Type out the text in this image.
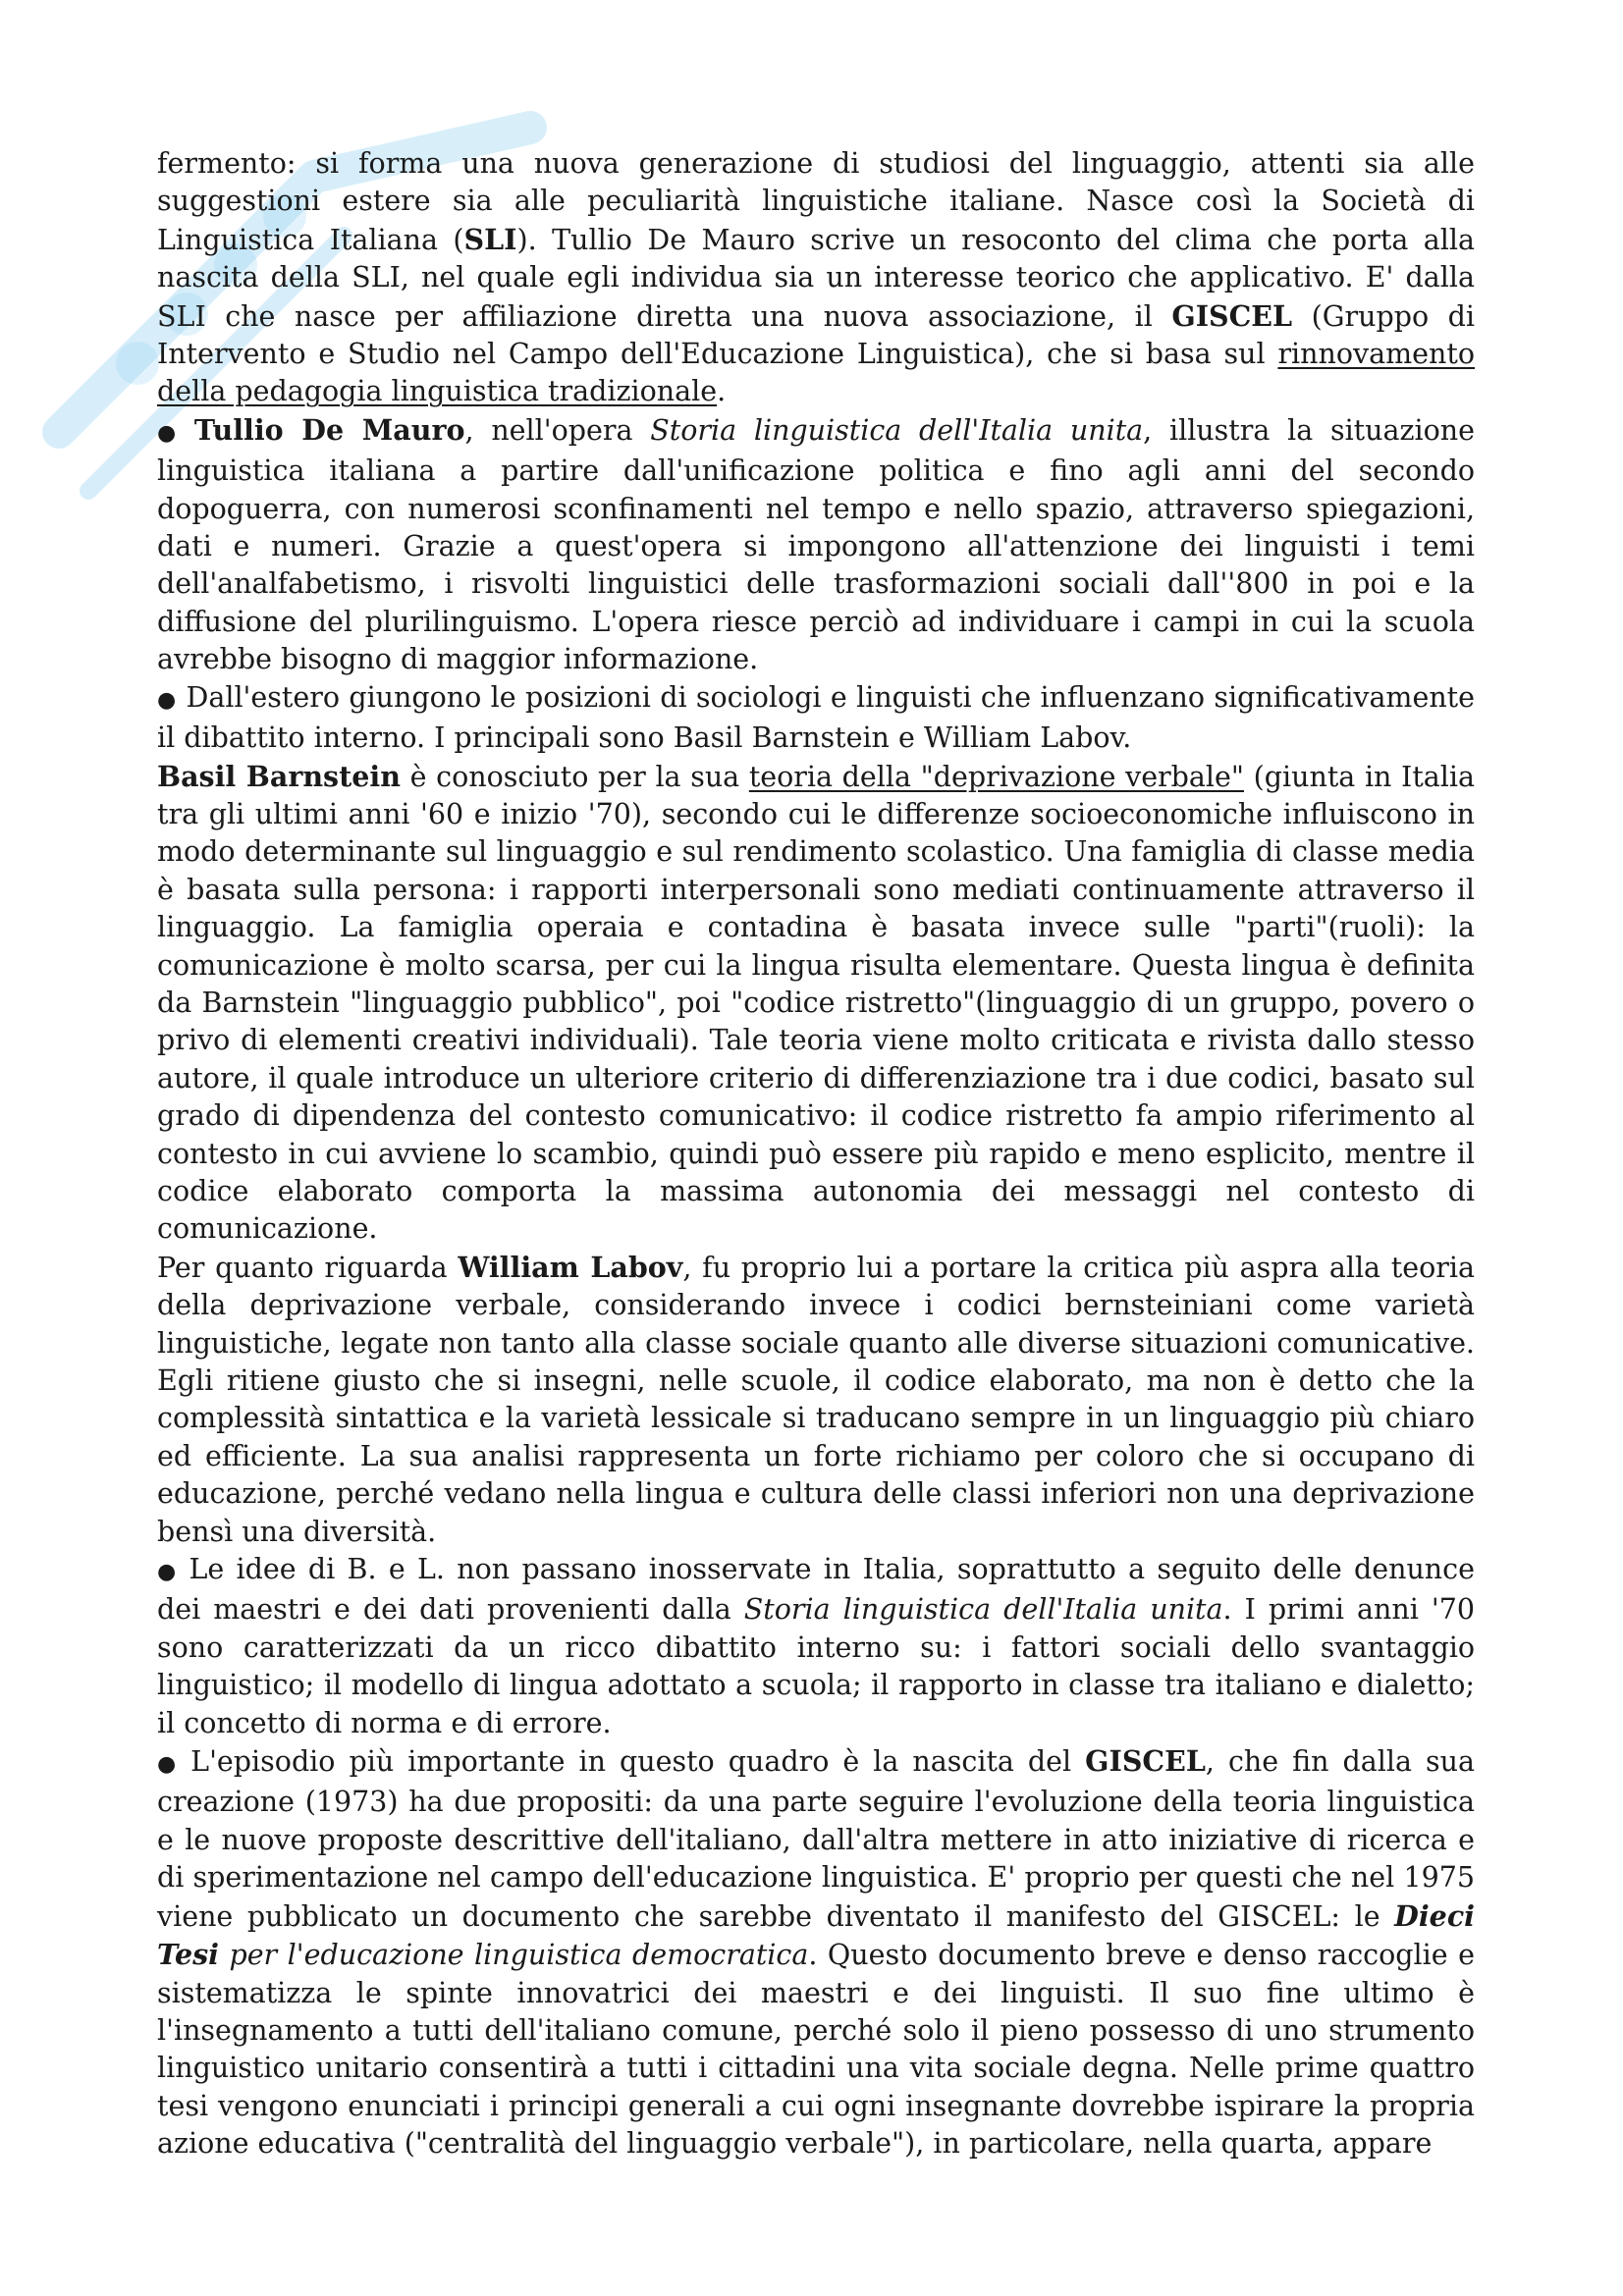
fermento: si forma una nuova generazione di studiosi del linguaggio, attenti sia alle suggestioni estere sia alle peculiarità linguistiche italiane. Nasce così la Società di Linguistica Italiana (SLI). Tullio De Mauro scrive un resoconto del clima che porta alla nascita della SLI, nel quale egli individua sia un interesse teorico che applicativo. E' dalla SLI che nasce per affiliazione diretta una nuova associazione, il GISCEL (Gruppo di Intervento e Studio nel Campo dell'Educazione Linguistica), che si basa sul rinnovamento della pedagogia linguistica tradizionale.

● Tullio De Mauro, nell'opera Storia linguistica dell'Italia unita, illustra la situazione linguistica italiana a partire dall'unificazione politica e fino agli anni del secondo dopoguerra, con numerosi sconfinamenti nel tempo e nello spazio, attraverso spiegazioni, dati e numeri. Grazie a quest'opera si impongono all'attenzione dei linguisti i temi dell'analfabetismo, i risvolti linguistici delle trasformazioni sociali dall''800 in poi e la diffusione del plurilinguismo. L'opera riesce perciò ad individuare i campi in cui la scuola avrebbe bisogno di maggior informazione.

● Dall'estero giungono le posizioni di sociologi e linguisti che influenzano significativamente il dibattito interno. I principali sono Basil Barnstein e William Labov.

Basil Barnstein è conosciuto per la sua teoria della "deprivazione verbale" (giunta in Italia tra gli ultimi anni '60 e inizio '70), secondo cui le differenze socioeconomiche influiscono in modo determinante sul linguaggio e sul rendimento scolastico. Una famiglia di classe media è basata sulla persona: i rapporti interpersonali sono mediati continuamente attraverso il linguaggio. La famiglia operaia e contadina è basata invece sulle "parti"(ruoli): la comunicazione è molto scarsa, per cui la lingua risulta elementare. Questa lingua è definita da Barnstein "linguaggio pubblico", poi "codice ristretto"(linguaggio di un gruppo, povero o privo di elementi creativi individuali). Tale teoria viene molto criticata e rivista dallo stesso autore, il quale introduce un ulteriore criterio di differenziazione tra i due codici, basato sul grado di dipendenza del contesto comunicativo: il codice ristretto fa ampio riferimento al contesto in cui avviene lo scambio, quindi può essere più rapido e meno esplicito, mentre il codice elaborato comporta la massima autonomia dei messaggi nel contesto di comunicazione.

Per quanto riguarda William Labov, fu proprio lui a portare la critica più aspra alla teoria della deprivazione verbale, considerando invece i codici bernsteiniani come varietà linguistiche, legate non tanto alla classe sociale quanto alle diverse situazioni comunicative. Egli ritiene giusto che si insegni, nelle scuole, il codice elaborato, ma non è detto che la complessità sintattica e la varietà lessicale si traducano sempre in un linguaggio più chiaro ed efficiente. La sua analisi rappresenta un forte richiamo per coloro che si occupano di educazione, perché vedano nella lingua e cultura delle classi inferiori non una deprivazione bensì una diversità.

● Le idee di B. e L. non passano inosservate in Italia, soprattutto a seguito delle denunce dei maestri e dei dati provenienti dalla Storia linguistica dell'Italia unita. I primi anni '70 sono caratterizzati da un ricco dibattito interno su: i fattori sociali dello svantaggio linguistico; il modello di lingua adottato a scuola; il rapporto in classe tra italiano e dialetto; il concetto di norma e di errore.

● L'episodio più importante in questo quadro è la nascita del GISCEL, che fin dalla sua creazione (1973) ha due propositi: da una parte seguire l'evoluzione della teoria linguistica e le nuove proposte descrittive dell'italiano, dall'altra mettere in atto iniziative di ricerca e di sperimentazione nel campo dell'educazione linguistica. E' proprio per questi che nel 1975 viene pubblicato un documento che sarebbe diventato il manifesto del GISCEL: le Dieci Tesi per l'educazione linguistica democratica. Questo documento breve e denso raccoglie e sistematizza le spinte innovatrici dei maestri e dei linguisti. Il suo fine ultimo è l'insegnamento a tutti dell'italiano comune, perché solo il pieno possesso di uno strumento linguistico unitario consentirà a tutti i cittadini una vita sociale degna. Nelle prime quattro tesi vengono enunciati i principi generali a cui ogni insegnante dovrebbe ispirare la propria azione educativa ("centralità del linguaggio verbale"), in particolare, nella quarta, appare
